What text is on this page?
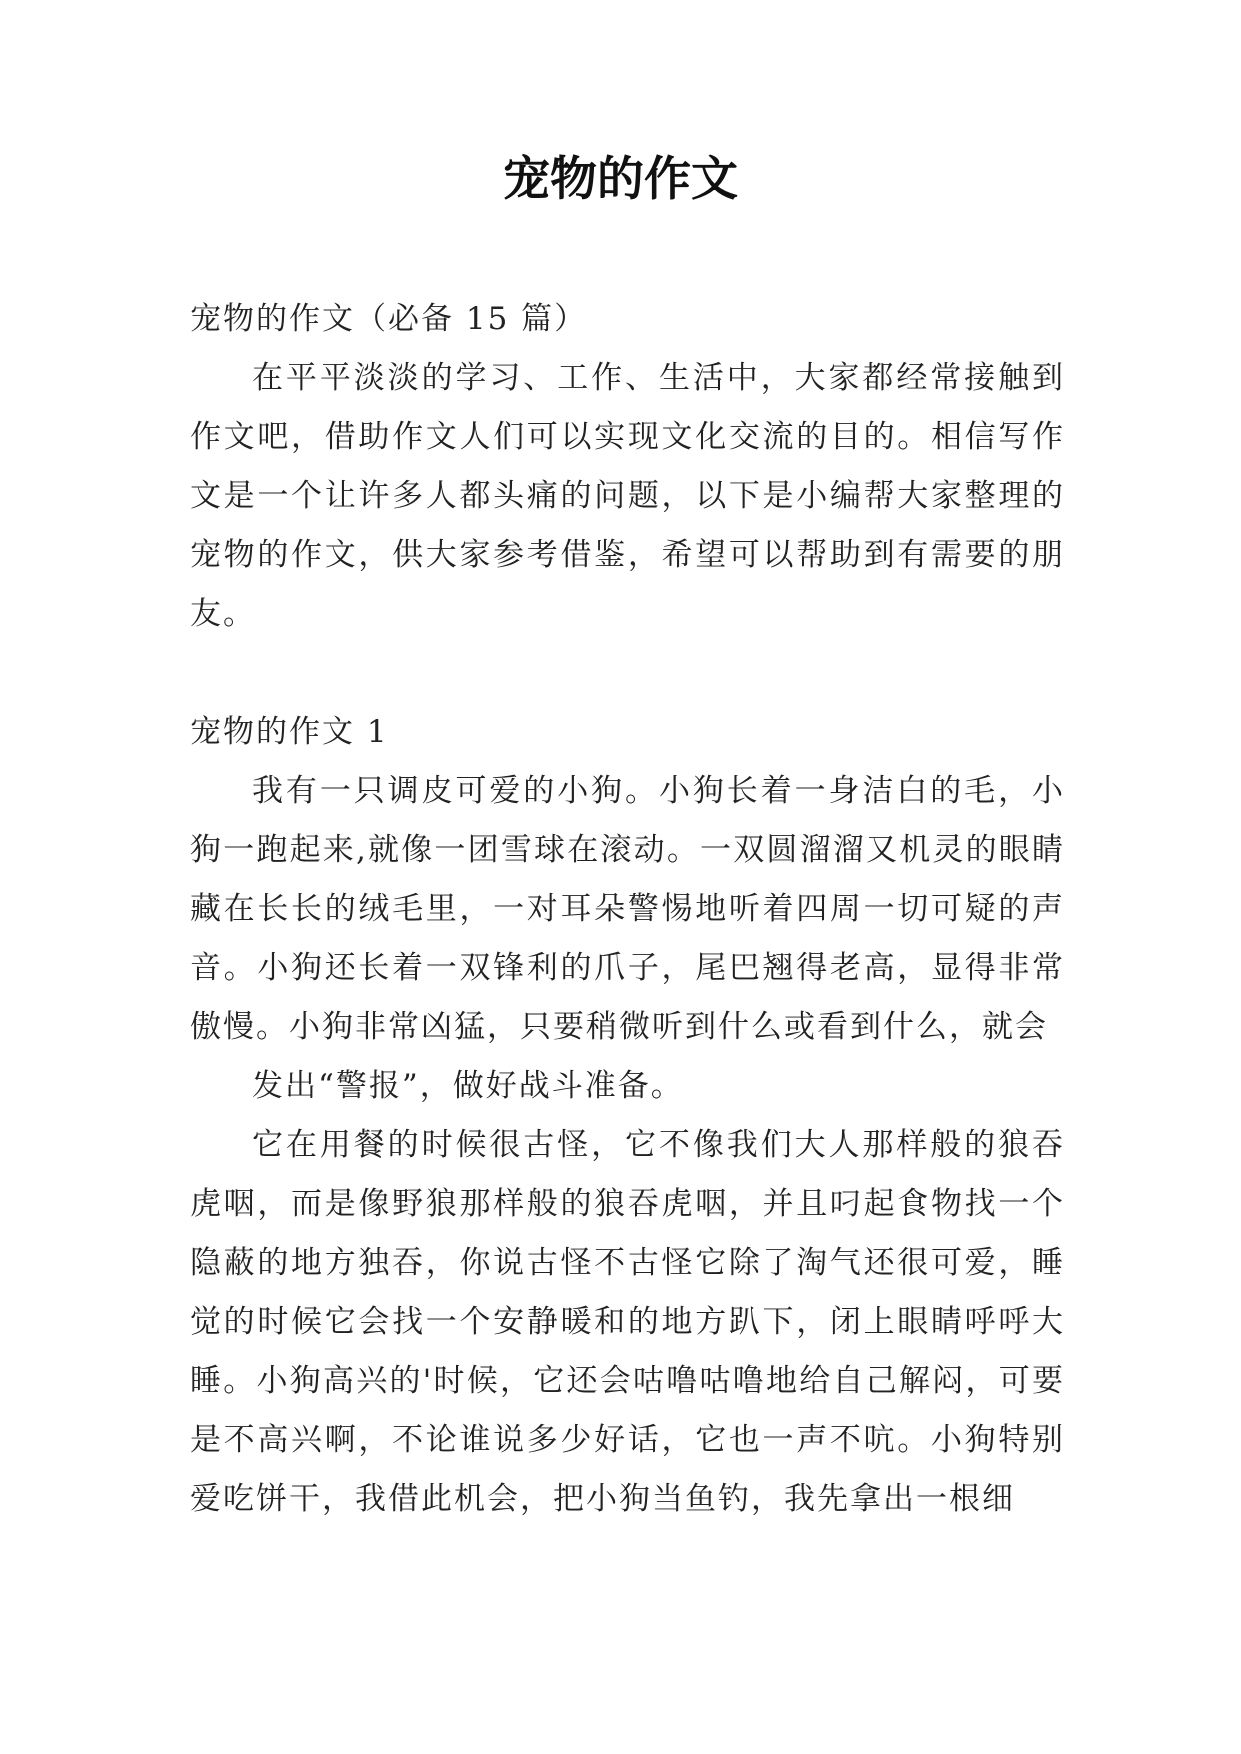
宠物的作文

宠物的作文（必备 15 篇）

在平平淡淡的学习、工作、生活中，大家都经常接触到作文吧，借助作文人们可以实现文化交流的目的。相信写作文是一个让许多人都头痛的问题，以下是小编帮大家整理的宠物的作文，供大家参考借鉴，希望可以帮助到有需要的朋友。

宠物的作文 1

我有一只调皮可爱的小狗。小狗长着一身洁白的毛，小狗一跑起来,就像一团雪球在滚动。一双圆溜溜又机灵的眼睛藏在长长的绒毛里，一对耳朵警惕地听着四周一切可疑的声音。小狗还长着一双锋利的爪子，尾巴翘得老高，显得非常傲慢。小狗非常凶猛，只要稍微听到什么或看到什么，就会

发出“警报”，做好战斗准备。

它在用餐的时候很古怪，它不像我们大人那样般的狼吞虎咽，而是像野狼那样般的狼吞虎咽，并且叼起食物找一个隐蔽的地方独吞，你说古怪不古怪它除了淘气还很可爱，睡觉的时候它会找一个安静暖和的地方趴下，闭上眼睛呼呼大睡。小狗高兴的'时候，它还会咕噜咕噜地给自己解闷，可要是不高兴啊，不论谁说多少好话，它也一声不吭。小狗特别爱吃饼干，我借此机会，把小狗当鱼钓，我先拿出一根细
